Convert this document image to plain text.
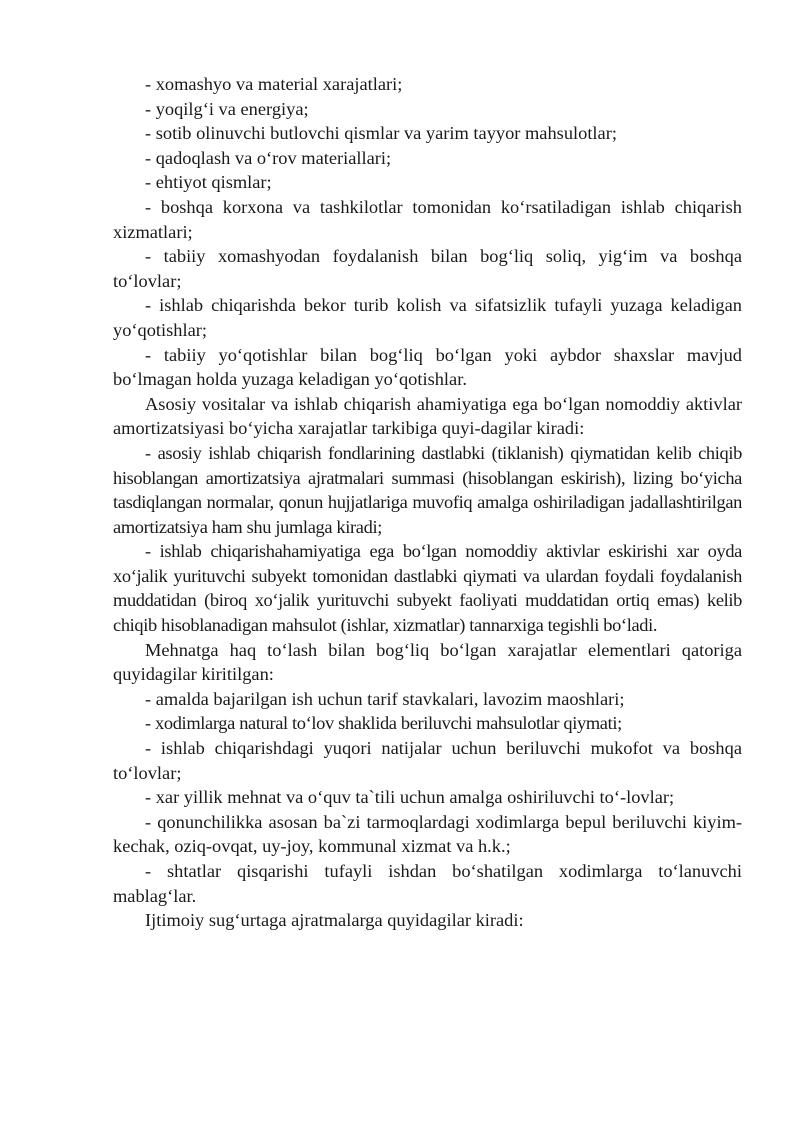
- xomashyo va material xarajatlari;

- yoqilg‘i va energiya;

- sotib olinuvchi butlovchi qismlar va yarim tayyor mahsulotlar;

- qadoqlash va o‘rov materiallari;

- ehtiyot qismlar;

- boshqa korxona va tashkilotlar tomonidan ko‘rsatiladigan ishlab chiqarish xizmatlari;

- tabiiy xomashyodan foydalanish bilan bog‘liq soliq, yig‘im va boshqa to‘lovlar;

- ishlab chiqarishda bekor turib kolish va sifatsizlik tufayli yuzaga keladigan yo‘qotishlar;

- tabiiy yo‘qotishlar bilan bog‘liq bo‘lgan yoki aybdor shaxslar mavjud bo‘lmagan holda yuzaga keladigan yo‘qotishlar.

Asosiy vositalar va ishlab chiqarish ahamiyatiga ega bo‘lgan nomoddiy aktivlar amortizatsiyasi bo‘yicha xarajatlar tarkibiga quyi-dagilar kiradi:

- asosiy ishlab chiqarish fondlarining dastlabki (tiklanish) qiymatidan kelib chiqib hisoblangan amortizatsiya ajratmalari summasi (hisoblangan eskirish), lizing bo‘yicha tasdiqlangan normalar, qonun hujjatlariga muvofiq amalga oshiriladigan jadallashtirilgan amortizatsiya ham shu jumlaga kiradi;

- ishlab chiqarishahamiyatiga ega bo‘lgan nomoddiy aktivlar eskirishi xar oyda xo‘jalik yurituvchi subyekt tomonidan dastlabki qiymati va ulardan foydali foydalanish muddatidan (biroq xo‘jalik yurituvchi subyekt faoliyati muddatidan ortiq emas) kelib chiqib hisoblanadigan mahsulot (ishlar, xizmatlar) tannarxiga tegishli bo‘ladi.

Mehnatga haq to‘lash bilan bog‘liq bo‘lgan xarajatlar elementlari qatoriga quyidagilar kiritilgan:

- amalda bajarilgan ish uchun tarif stavkalari, lavozim maoshlari;

- xodimlarga natural to‘lov shaklida beriluvchi mahsulotlar qiymati;

- ishlab chiqarishdagi yuqori natijalar uchun beriluvchi mukofot va boshqa to‘lovlar;

- xar yillik mehnat va o‘quv ta`tili uchun amalga oshiriluvchi to‘-lovlar;

- qonunchilikka asosan ba`zi tarmoqlardagi xodimlarga bepul beriluvchi kiyim-kechak, oziq-ovqat, uy-joy, kommunal xizmat va h.k.;

- shtatlar qisqarishi tufayli ishdan bo‘shatilgan xodimlarga to‘lanuvchi mablag‘lar.

Ijtimoiy sug‘urtaga ajratmalarga quyidagilar kiradi:
